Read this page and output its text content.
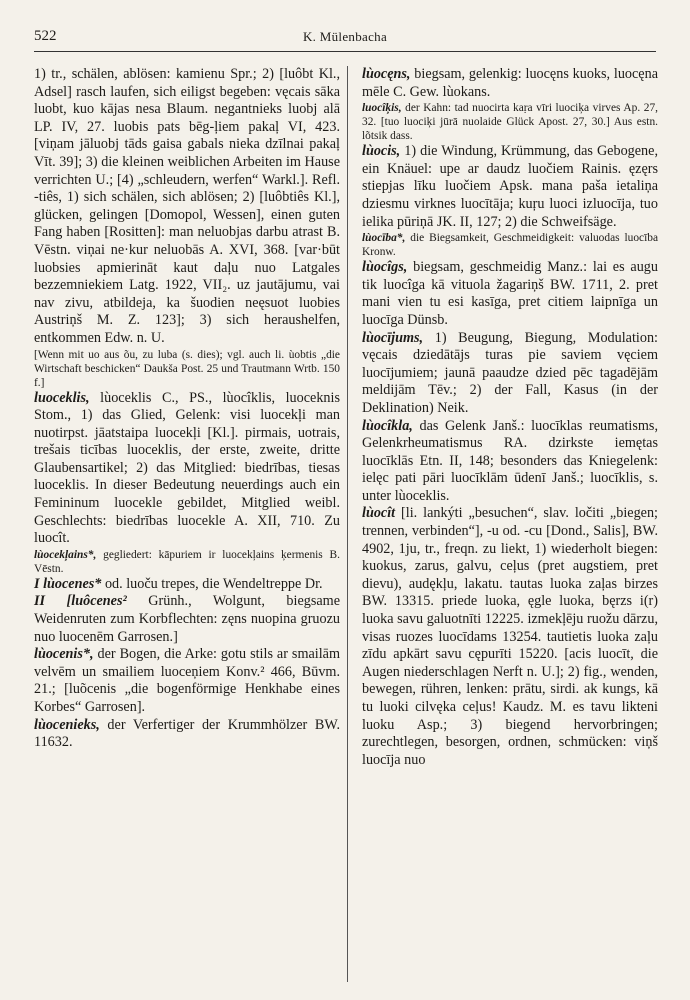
522	K. Mülenbacha

1) tr., schälen, ablösen: kamienu Spr.; 2) [luôbt Kl., Adsel] rasch laufen, sich eiligst begeben: vęcais sāka luobt, kuo kājas nesa Blaum. negantnieks luobj alā LP. IV, 27. luobis pats bēg-ļiem pakaļ VI, 423. [viņam jāluobj tāds gaisa gabals nieka dzīlnai pakaļ Vīt. 39]; 3) die kleinen weiblichen Arbeiten im Hause verrichten U.; [4) „schleudern, werfen“ Warkl.]. Refl. -tiês, 1) sich schälen, sich ablösen; 2) [luôbtiês Kl.], glücken, gelingen [Domopol, Wessen], einen guten Fang haben [Rositten]: man neluobjas darbu atrast B. Vēstn. viņai ne·kur neluobās A. XVI, 368. [var·būt luobsies apmierināt kaut daļu nuo Latgales bezzemniekiem Latg. 1922, VII₂. uz jautājumu, vai nav zivu, atbildeja, ka šuodien neęsuot luobies Austriņš M. Z. 123]; 3) sich heraushelfen, entkommen Edw. n. U.

[Wenn mit uo aus õu, zu luba (s. dies); vgl. auch li. ùobtis „die Wirtschaft beschicken“ Daukša Post. 25 und Trautmann Wrtb. 150 f.]

luoceklis, lùoceklis C., PS., lùocîklis, luoceknis Stom., 1) das Glied, Gelenk: visi luocekļi man nuotirpst. jāatstaipa luocekļi [Kl.]. pirmais, uotrais, trešais ticības luoceklis, der erste, zweite, dritte Glaubensartikel; 2) das Mitglied: biedrības, tiesas luoceklis. In dieser Bedeutung neuerdings auch ein Femininum luocekle gebildet, Mitglied weibl. Geschlechts: biedrības luocekle A. XII, 710. Zu luocît.

lùocekļains*, gegliedert: kāpuriem ir luocekļains ķermenis B. Vēstn.

I lùocenes* od. luoču trepes, die Wendeltreppe Dr.

II [luôcenes² Grünh., Wolgunt, biegsame Weidenruten zum Korbflechten: zęns nuopina gruozu nuo luocenēm Garrosen.]

lùocenis*, der Bogen, die Arke: gotu stils ar smailām velvēm un smailiem luoceņiem Konv.² 466, Būvm. 21.; [luõcenis „die bogenförmige Henkhabe eines Korbes“ Garrosen].

lùocenieks, der Verfertiger der Krummhölzer BW. 11632.

lùocęns, biegsam, gelenkig: luocęns kuoks, luocęna mēle C. Gew. lùokans.

luocîķis, der Kahn: tad nuocirta kaṛa vīri luociķa virves Ap. 27, 32. [tuo luociķi jūrā nuolaide Glück Apost. 27, 30.] Aus estn. lõtsik dass.

lùocis, 1) die Windung, Krümmung, das Gebogene, ein Knäuel: upe ar daudz luočiem Rainis. ęzęrs stiepjas līku luočiem Apsk. mana paša ietaliņa dziesmu virknes luocītāja; kuŗu luoci izluocīja, tuo ielika pūriņā JK. II, 127; 2) die Schweifsäge.

lùocība*, die Biegsamkeit, Geschmeidigkeit: valuodas luocība Kronw.

lùocîgs, biegsam, geschmeidig Manz.: lai es augu tik luocîga kā vituola žagariņš BW. 1711, 2. pret mani vien tu esi kasīga, pret citiem laipnīga un luocīga Dünsb.

lùocījums, 1) Beugung, Biegung, Modulation: vęcais dziedātājs turas pie saviem vęciem luocījumiem; jaunā paaudze dzied pēc tagadējām meldijām Tēv.; 2) der Fall, Kasus (in der Deklination) Neik.

lùocîkla, das Gelenk Janš.: luocīklas reumatisms, Gelenkrheumatismus RA. dzirkste iemętas luocīklās Etn. II, 148; besonders das Kniegelenk: ielęc pati pāri luocīklām ūdenī Janš.; luocīklis, s. unter lùoceklis.

lùocît [li. lankýti „besuchen“, slav. ločiti „biegen; trennen, verbinden“], -u od. -cu [Dond., Salis], BW. 4902, 1ju, tr., freqn. zu liekt, 1) wiederholt biegen: kuokus, zarus, galvu, ceļus (pret augstiem, pret dievu), audękļu, lakatu. tautas luoka zaļas birzes BW. 13315. priede luoka, ęgle luoka, bęrzs i(r) luoka savu galuotnīti 12225. izmekļēju ruožu dārzu, visas ruozes luocīdams 13254. tautietis luoka zaļu zīdu apkārt savu cępurīti 15220. [acis luocīt, die Augen niederschlagen Nerft n. U.]; 2) fig., wenden, bewegen, rühren, lenken: prātu, sirdi. ak kungs, kā tu luoki cilvęka ceļus! Kaudz. M. es tavu likteni luoku Asp.; 3) biegend hervorbringen; zurechtlegen, besorgen, ordnen, schmücken: viņš luocīja nuo
